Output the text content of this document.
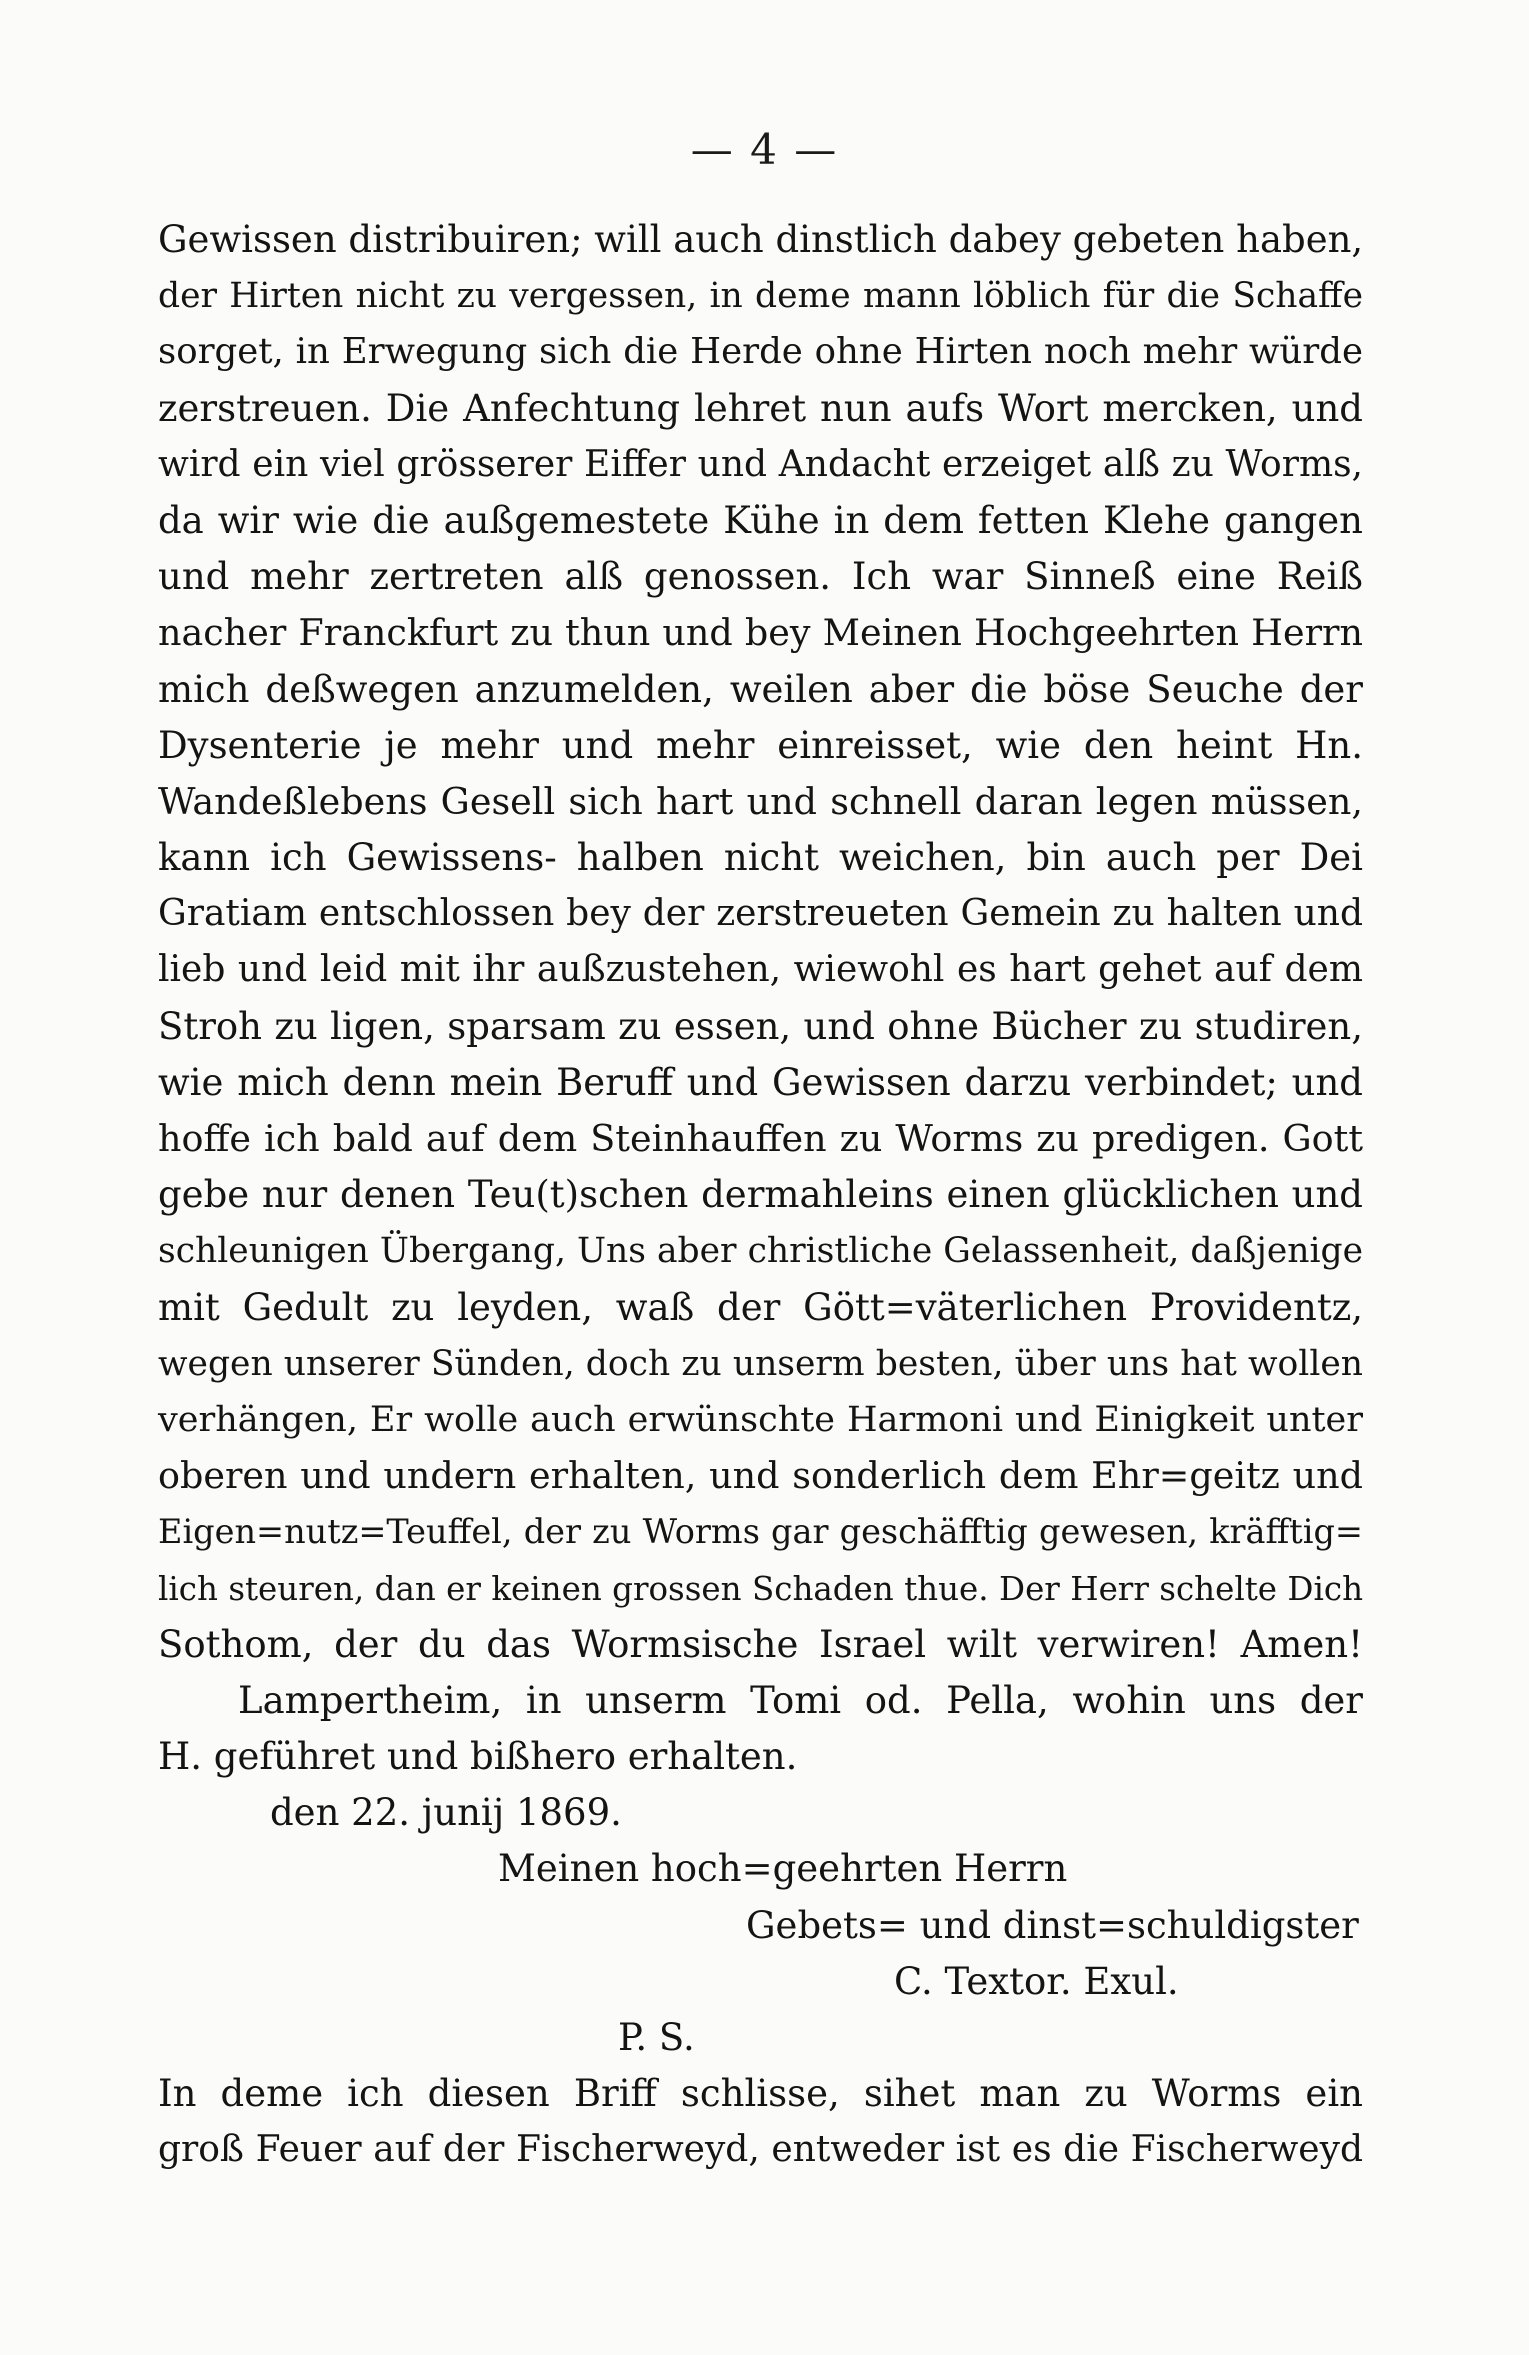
— 4 —
Gewissen distribuiren; will auch dinstlich dabey gebeten haben,
der Hirten nicht zu vergessen, in deme mann löblich für die Schaffe
sorget, in Erwegung sich die Herde ohne Hirten noch mehr würde
zerstreuen. Die Anfechtung lehret nun aufs Wort mercken, und
wird ein viel grösserer Eiffer und Andacht erzeiget alß zu Worms,
da wir wie die außgemestete Kühe in dem fetten Klehe gangen
und mehr zertreten alß genossen. Ich war Sinneß eine Reiß
nacher Franckfurt zu thun und bey Meinen Hochgeehrten Herrn
mich deßwegen anzumelden, weilen aber die böse Seuche der
Dysenterie je mehr und mehr einreisset, wie den heint Hn.
Wandeßlebens Gesell sich hart und schnell daran legen müssen,
kann ich Gewissens- halben nicht weichen, bin auch per Dei
Gratiam entschlossen bey der zerstreueten Gemein zu halten und
lieb und leid mit ihr außzustehen, wiewohl es hart gehet auf dem
Stroh zu ligen, sparsam zu essen, und ohne Bücher zu studiren,
wie mich denn mein Beruff und Gewissen darzu verbindet; und
hoffe ich bald auf dem Steinhauffen zu Worms zu predigen. Gott
gebe nur denen Teu(t)schen dermahleins einen glücklichen und
schleunigen Übergang, Uns aber christliche Gelassenheit, daßjenige
mit Gedult zu leyden, waß der Gött=väterlichen Providentz,
wegen unserer Sünden, doch zu unserm besten, über uns hat wollen
verhängen, Er wolle auch erwünschte Harmoni und Einigkeit unter
oberen und undern erhalten, und sonderlich dem Ehr=geitz und
Eigen=nutz=Teuffel, der zu Worms gar geschäfftig gewesen, kräfftig=
lich steuren, dan er keinen grossen Schaden thue. Der Herr schelte Dich
Sothom, der du das Wormsische Israel wilt verwiren! Amen!
Lampertheim, in unserm Tomi od. Pella, wohin uns der
H. geführet und bißhero erhalten.
den 22. junij 1869.
Meinen hoch=geehrten Herrn
Gebets= und dinst=schuldigster
C. Textor. Exul.
P. S.
In deme ich diesen Briff schlisse, sihet man zu Worms ein
groß Feuer auf der Fischerweyd, entweder ist es die Fischerweyd
